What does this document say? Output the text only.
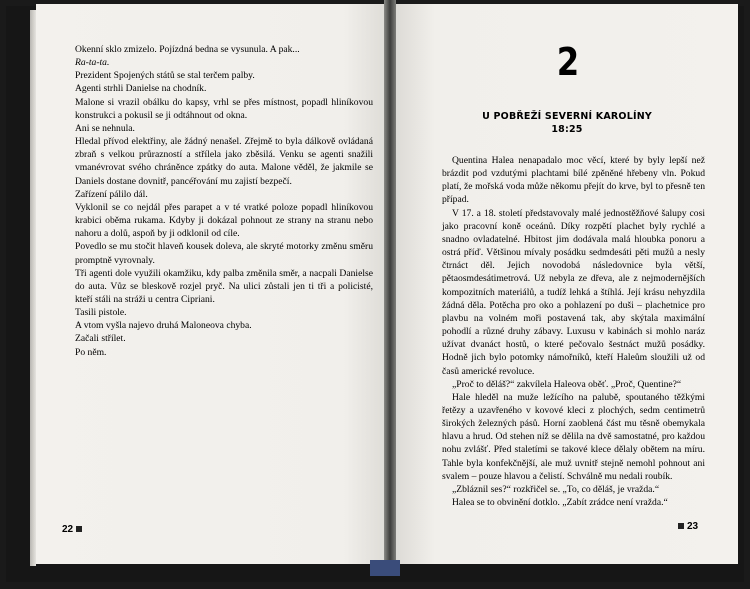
Okenní sklo zmizelo. Pojízdná bedna se vysunula. A pak...

Ra-ta-ta.

Prezident Spojených států se stal terčem palby.

Agenti strhli Danielse na chodník.

Malone si vrazil obálku do kapsy, vrhl se přes místnost, popadl hliníkovou konstrukci a pokusil se ji odtáhnout od okna.

Ani se nehnula.

Hledal přívod elektřiny, ale žádný nenašel. Zřejmě to byla dálkově ovládaná zbraň s velkou průrazností a střílela jako zběsilá. Venku se agenti snažili vmanévrovat svého chráněnce zpátky do auta. Malone věděl, že jakmile se Daniels dostane dovnitř, pancéřování mu zajistí bezpečí.

Zařízení pálilo dál.

Vyklonil se co nejdál přes parapet a v té vratké poloze popadl hliníkovou krabici oběma rukama. Kdyby ji dokázal pohnout ze strany na stranu nebo nahoru a dolů, aspoň by ji odklonil od cíle.

Povedlo se mu stočit hlaveň kousek doleva, ale skryté motorky změnu směru promptně vyrovnaly.

Tři agenti dole využili okamžiku, kdy palba změnila směr, a nacpali Danielse do auta. Vůz se bleskově rozjel pryč. Na ulici zůstali jen ti tři a policisté, kteří stáli na stráži u centra Cipriani.

Tasili pistole.

A vtom vyšla najevo druhá Maloneova chyba.

Začali střílet.

Po něm.

22
2
U POBŘEŽÍ SEVERNÍ KAROLÍNY
18:25

Quentina Halea nenapadalo moc věcí, které by byly lepší než brázdit pod vzdutými plachtami bílé zpěněné hřebeny vln. Pokud platí, že mořská voda může někomu přejít do krve, byl to přesně ten případ.

V 17. a 18. století představovaly malé jednostěžňové šalupy cosi jako pracovní koně oceánů. Díky rozpětí plachet byly rychlé a snadno ovladatelné. Hbitost jim dodávala malá hloubka ponoru a ostrá příď. Většinou mívaly posádku sedmdesáti pěti mužů a nesly čtrnáct děl. Jejich novodobá následovnice byla větší, pětaosmdesátimetrová. Už nebyla ze dřeva, ale z nejmodernějších kompozitních materiálů, a tudíž lehká a štíhlá. Její krásu nehyzdila žádná děla. Potěcha pro oko a pohlazení po duši – plachetnice pro plavbu na volném moři postavená tak, aby skýtala maximální pohodlí a různé druhy zábavy. Luxusu v kabinách si mohlo naráz užívat dvanáct hostů, o které pečovalo šestnáct mužů posádky. Hodně jich bylo potomky námořníků, kteří Haleům sloužili už od časů americké revoluce.

„Proč to děláš?“ zakvílela Haleova oběť. „Proč, Quentine?“

Hale hleděl na muže ležícího na palubě, spoutaného těžkými řetězy a uzavřeného v kovové kleci z plochých, sedm centimetrů širokých železných pásů. Horní zaoblená část mu těsně obemykala hlavu a hrud. Od stehen níž se dělila na dvě samostatné, pro každou nohu zvlášť. Před staletími se takové klece dělaly obětem na míru. Tahle byla konfekčnější, ale muž uvnitř stejně nemohl pohnout ani svalem – pouze hlavou a čelistí. Schválně mu nedali roubík.

„Zbláznil ses?“ rozkřičel se. „To, co děláš, je vražda.“

Halea se to obvinění dotklo. „Zabít zrádce není vražda.“

23
